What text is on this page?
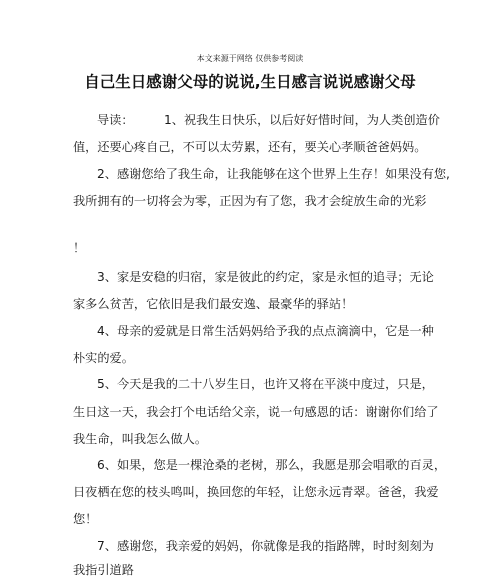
本文来源于网络 仅供参考阅读
自己生日感谢父母的说说,生日感言说说感谢父母
导读：　　　1、祝我生日快乐，以后好好惜时间，为人类创造价
值，还要心疼自己，不可以太劳累，还有，要关心孝顺爸爸妈妈。
2、感谢您给了我生命，让我能够在这个世界上生存！如果没有您,
我所拥有的一切将会为零，正因为有了您，我才会绽放生命的光彩
！
3、家是安稳的归宿，家是彼此的约定，家是永恒的追寻；无论
家多么贫苦，它依旧是我们最安逸、最豪华的驿站！
4、母亲的爱就是日常生活妈妈给予我的点点滴滴中，它是一种
朴实的爱。
5、今天是我的二十八岁生日，也许又将在平淡中度过，只是，
生日这一天，我会打个电话给父亲，说一句感恩的话：谢谢你们给了
我生命，叫我怎么做人。
6、如果，您是一棵沧桑的老树，那么，我愿是那会唱歌的百灵，
日夜栖在您的枝头鸣叫，换回您的年轻，让您永远青翠。爸爸，我爱
您！
7、感谢您，我亲爱的妈妈，你就像是我的指路牌，时时刻刻为
我指引道路
